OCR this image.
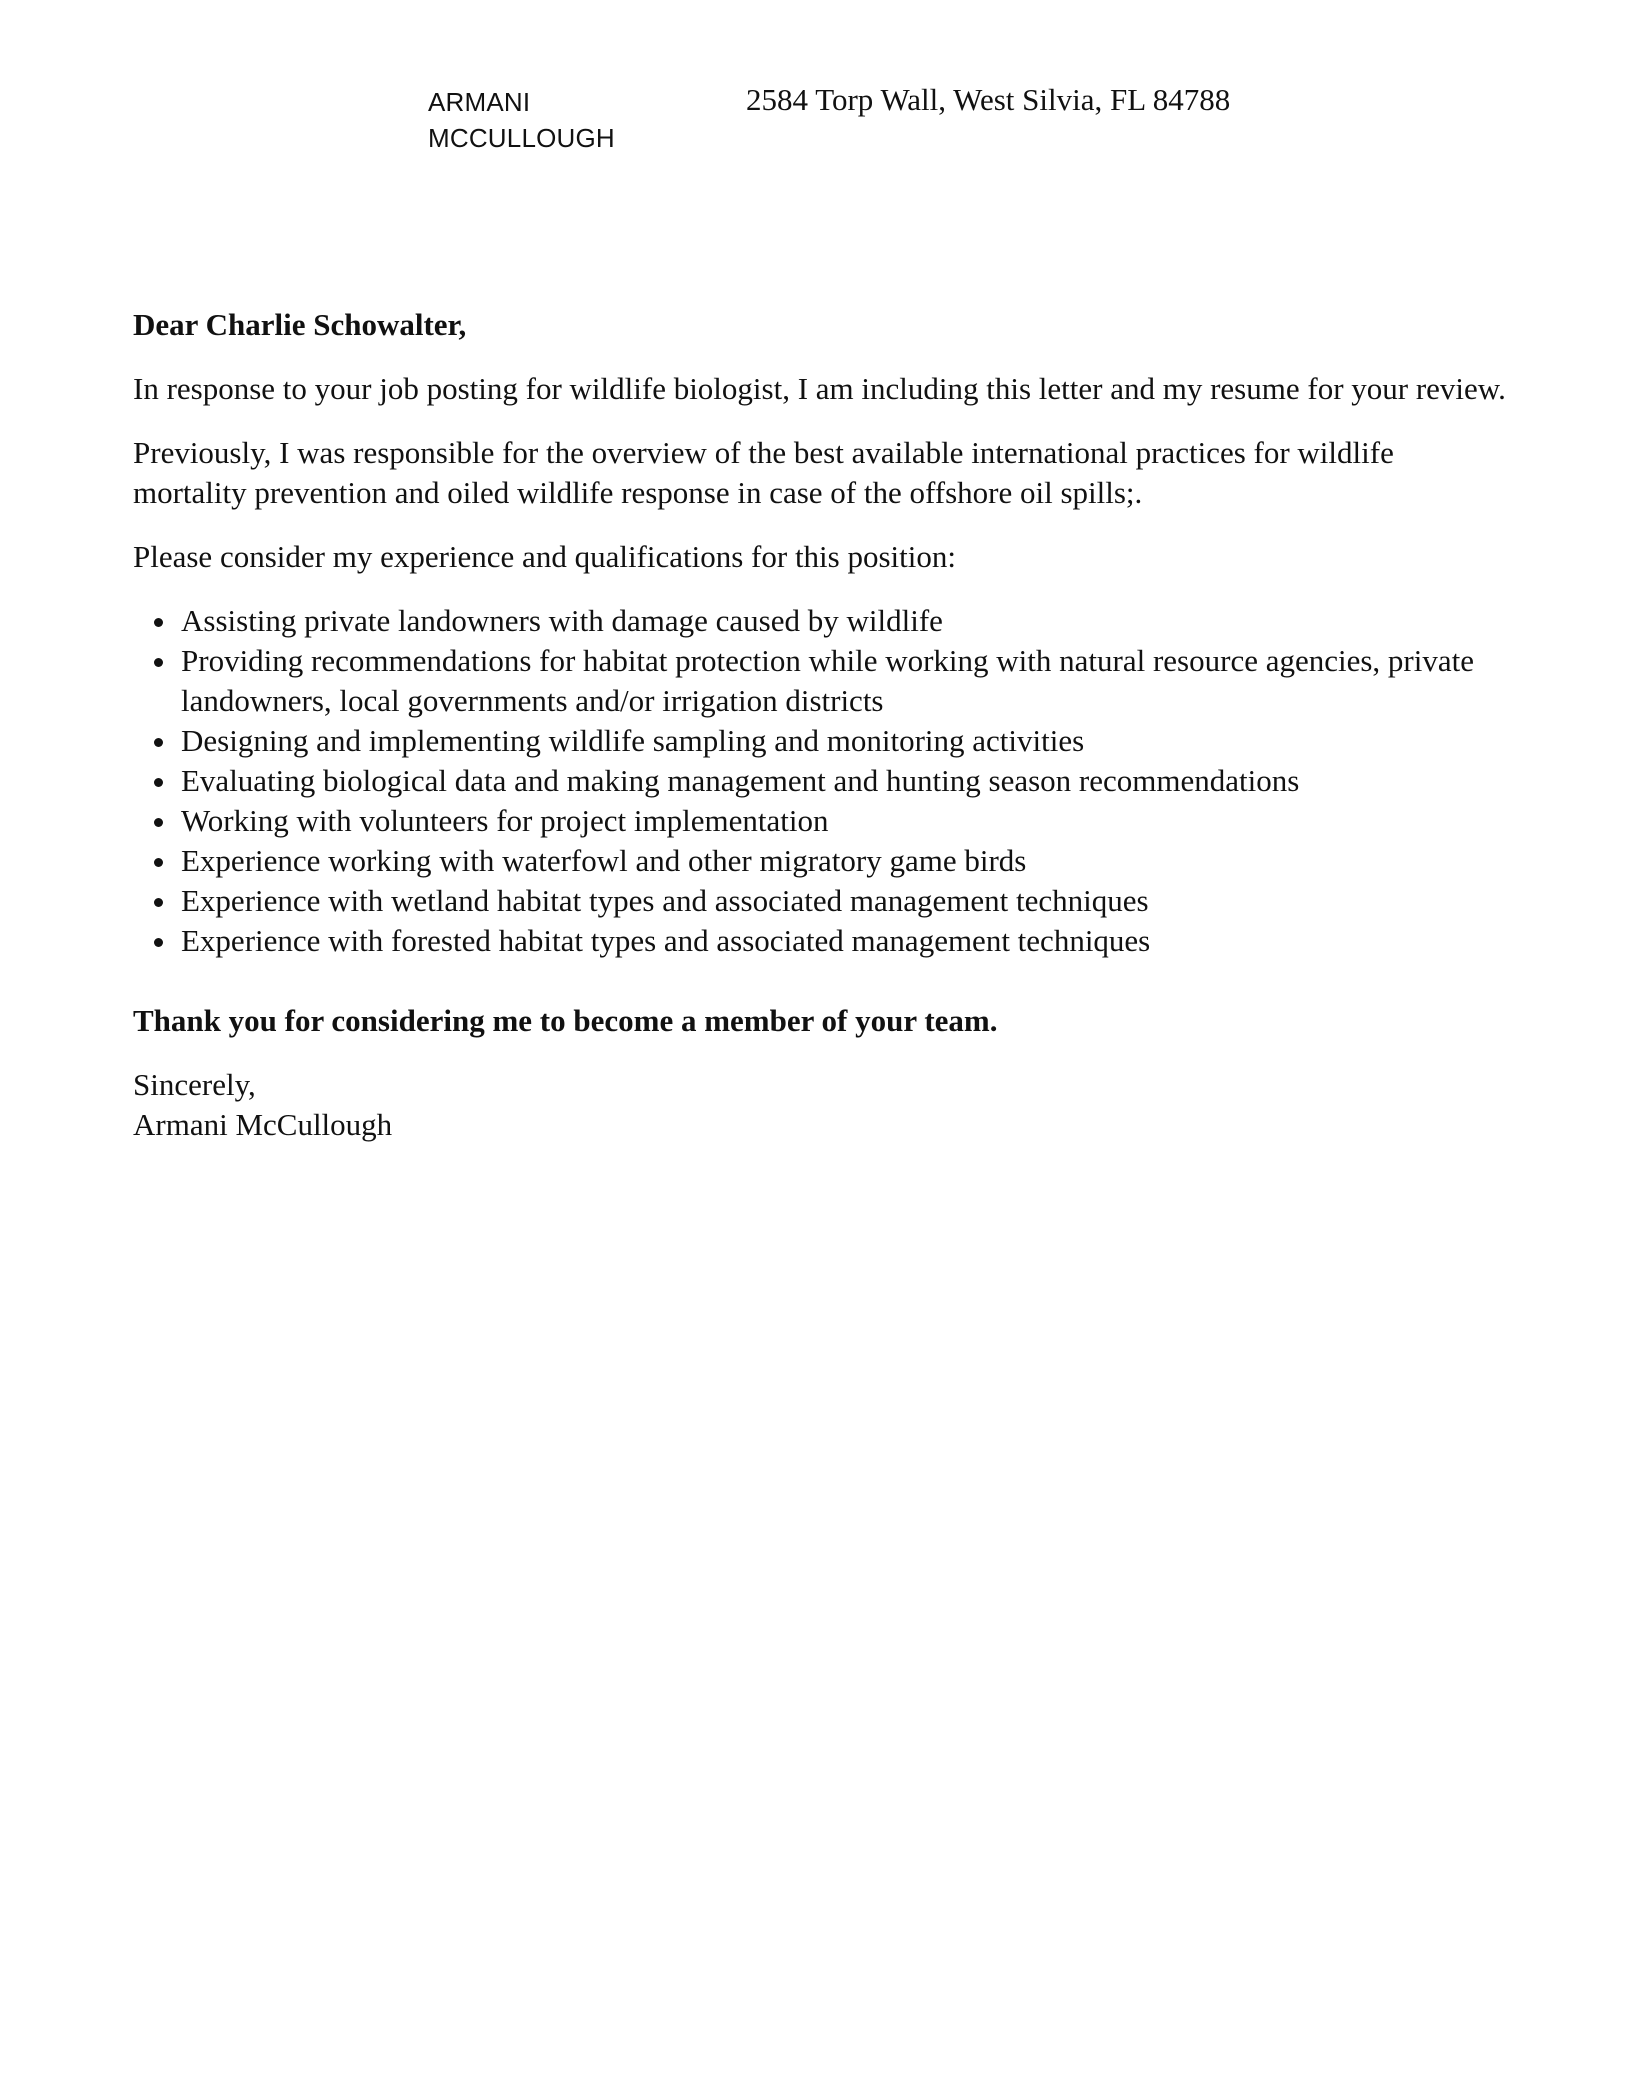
ARMANI
MCCULLOUGH
2584 Torp Wall, West Silvia, FL 84788

Dear Charlie Schowalter,

In response to your job posting for wildlife biologist, I am including this letter and my resume for your review.

Previously, I was responsible for the overview of the best available international practices for wildlife mortality prevention and oiled wildlife response in case of the offshore oil spills;.

Please consider my experience and qualifications for this position:

Assisting private landowners with damage caused by wildlife
Providing recommendations for habitat protection while working with natural resource agencies, private landowners, local governments and/or irrigation districts
Designing and implementing wildlife sampling and monitoring activities
Evaluating biological data and making management and hunting season recommendations
Working with volunteers for project implementation
Experience working with waterfowl and other migratory game birds
Experience with wetland habitat types and associated management techniques
Experience with forested habitat types and associated management techniques

Thank you for considering me to become a member of your team.

Sincerely,
Armani McCullough
